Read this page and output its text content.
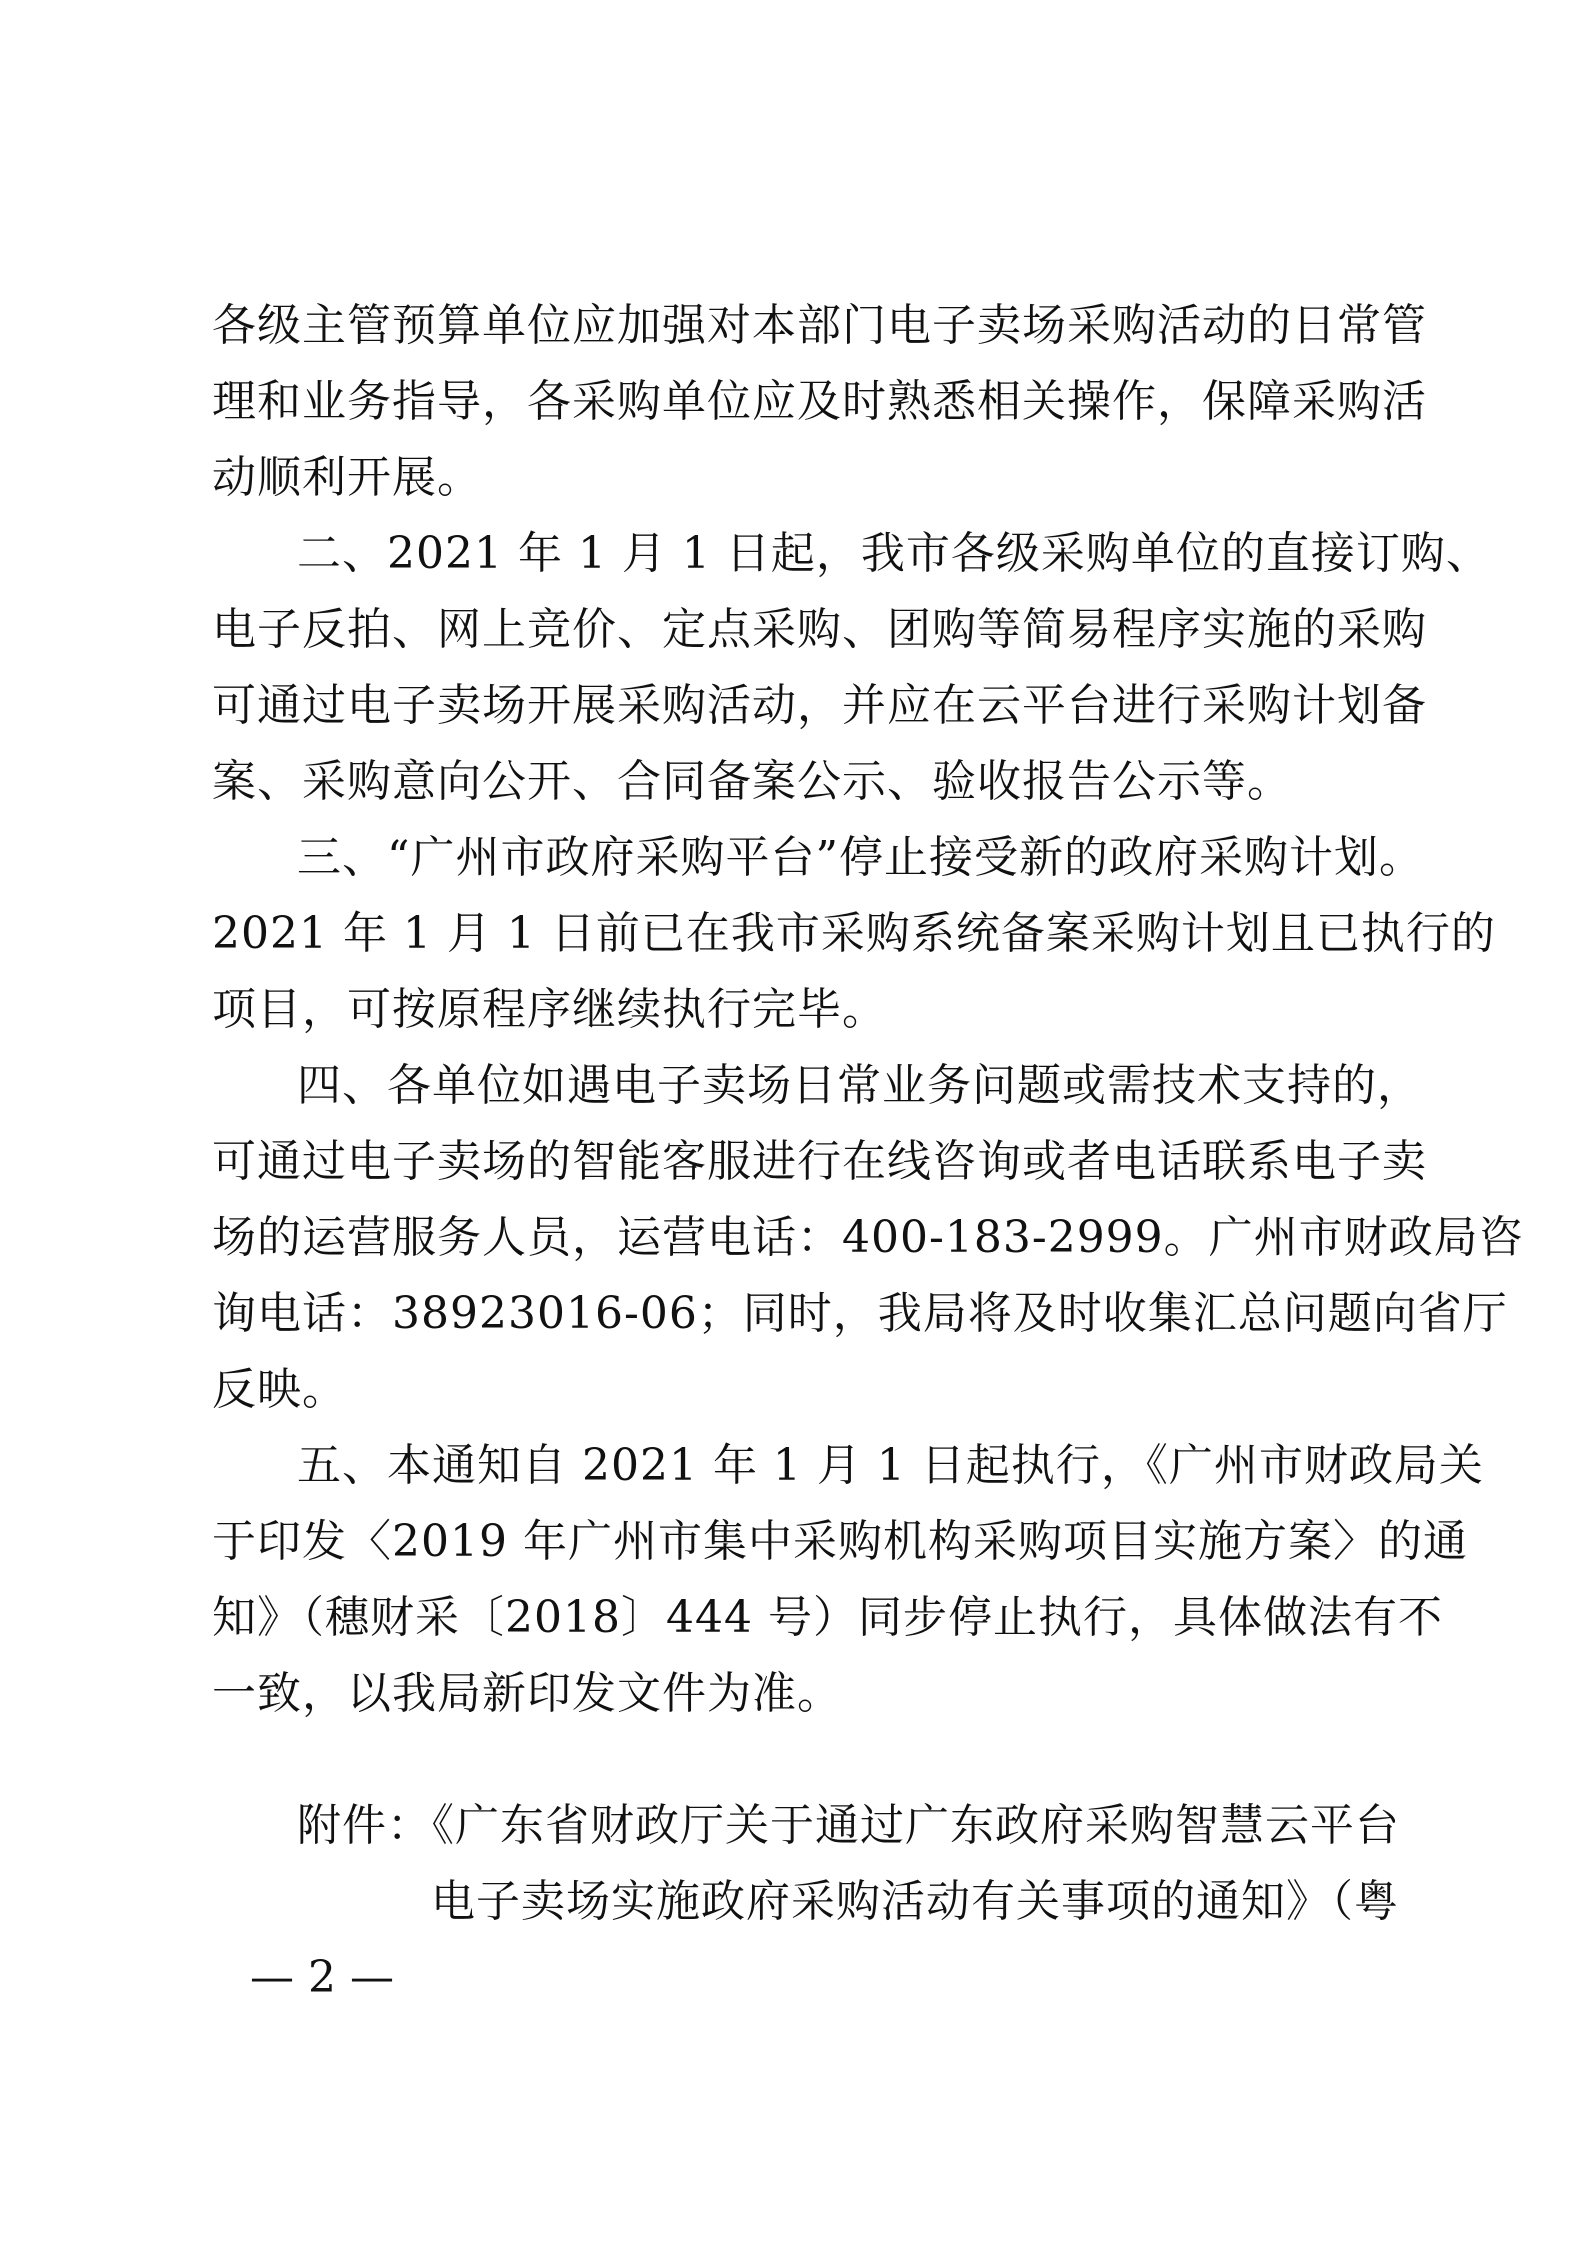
各级主管预算单位应加强对本部门电子卖场采购活动的日常管
理和业务指导，各采购单位应及时熟悉相关操作，保障采购活
动顺利开展。
二、2021 年 1 月 1 日起，我市各级采购单位的直接订购、
电子反拍、网上竞价、定点采购、团购等简易程序实施的采购
可通过电子卖场开展采购活动，并应在云平台进行采购计划备
案、采购意向公开、合同备案公示、验收报告公示等。
三、“广州市政府采购平台”停止接受新的政府采购计划。
2021 年 1 月 1 日前已在我市采购系统备案采购计划且已执行的
项目，可按原程序继续执行完毕。
四、各单位如遇电子卖场日常业务问题或需技术支持的，
可通过电子卖场的智能客服进行在线咨询或者电话联系电子卖
场的运营服务人员，运营电话：400-183-2999。广州市财政局咨
询电话：38923016-06；同时，我局将及时收集汇总问题向省厅
反映。
五、本通知自 2021 年 1 月 1 日起执行，《广州市财政局关
于印发〈2019 年广州市集中采购机构采购项目实施方案〉的通
知》（穗财采〔2018〕444 号）同步停止执行，具体做法有不
一致，以我局新印发文件为准。
附件：《广东省财政厅关于通过广东政府采购智慧云平台
电子卖场实施政府采购活动有关事项的通知》（粤
— 2 —
